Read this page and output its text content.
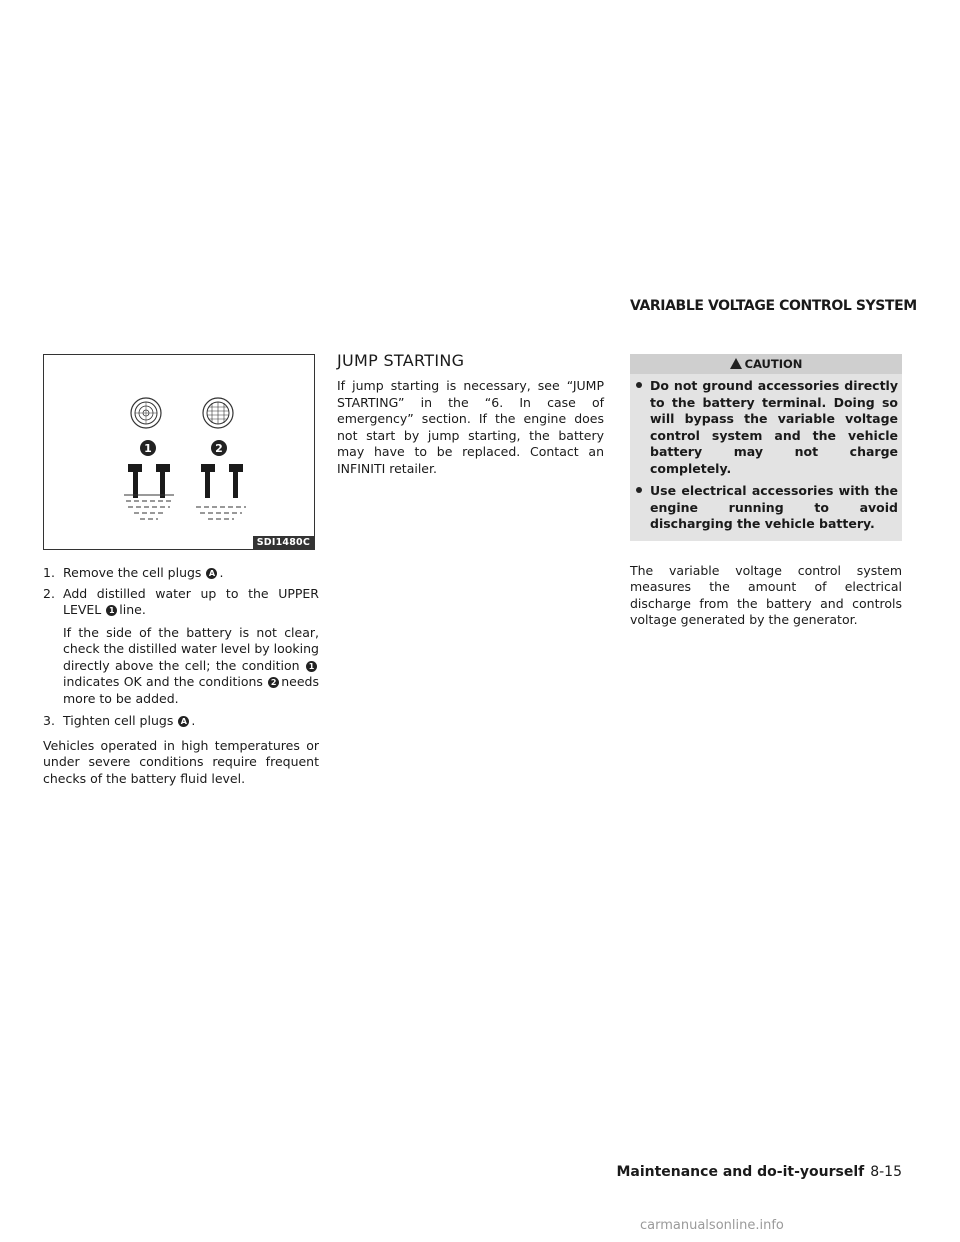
VARIABLE VOLTAGE CONTROL SYSTEM
1	2
SDI1480C

1. Remove the cell plugs A .

2. Add distilled water up to the UPPER LEVEL 1 line.

If the side of the battery is not clear, check the distilled water level by looking directly above the cell; the condition 1indicates OK and the conditions 2 needs more to be added.

3. Tighten cell plugs A .

Vehicles operated in high temperatures or under severe conditions require frequent checks of the battery fluid level.

JUMP STARTING

If jump starting is necessary, see “JUMP STARTING” in the “6. In case of emergency” section. If the engine does not start by jump starting, the battery may have to be replaced. Contact an INFINITI retailer.

CAUTION
Do not ground accessories directly to the battery terminal. Doing so will bypass the variable voltage control system and the vehicle battery may not charge completely.
Use electrical accessories with the engine running to avoid discharging the vehicle battery.

The variable voltage control system measures the amount of electrical discharge from the battery and controls voltage generated by the generator.

Maintenance and do-it-yourself 8-15
carmanualsonline.info
